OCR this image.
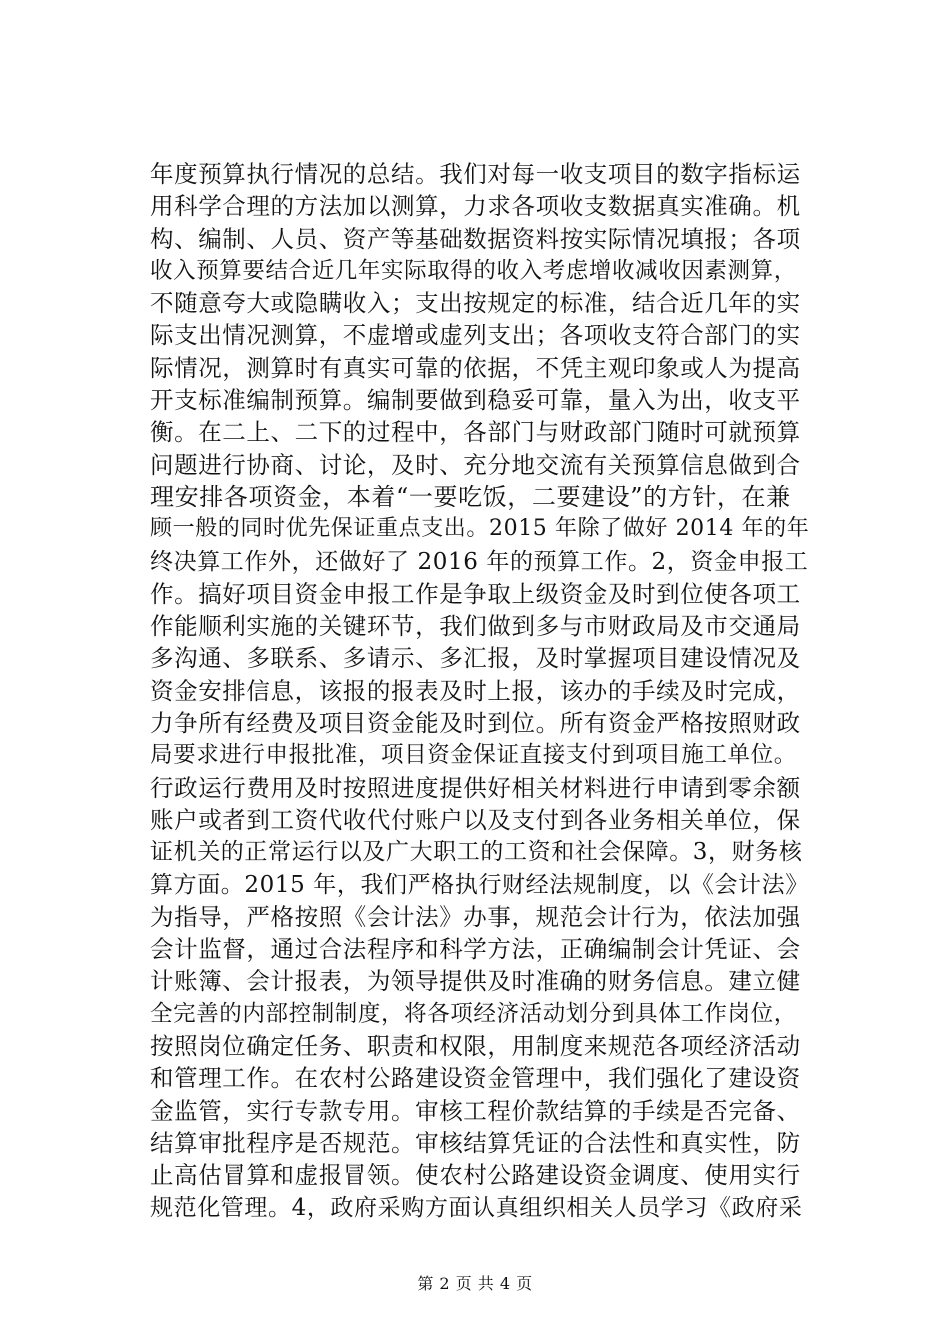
年度预算执行情况的总结。我们对每一收支项目的数字指标运
用科学合理的方法加以测算，力求各项收支数据真实准确。机
构、编制、人员、资产等基础数据资料按实际情况填报；各项
收入预算要结合近几年实际取得的收入考虑增收减收因素测算，
不随意夸大或隐瞒收入；支出按规定的标准，结合近几年的实
际支出情况测算，不虚增或虚列支出；各项收支符合部门的实
际情况，测算时有真实可靠的依据，不凭主观印象或人为提高
开支标准编制预算。编制要做到稳妥可靠，量入为出，收支平
衡。在二上、二下的过程中，各部门与财政部门随时可就预算
问题进行协商、讨论，及时、充分地交流有关预算信息做到合
理安排各项资金，本着“一要吃饭，二要建设”的方针，在兼
顾一般的同时优先保证重点支出。2015 年除了做好 2014 年的年
终决算工作外，还做好了 2016 年的预算工作。2，资金申报工
作。搞好项目资金申报工作是争取上级资金及时到位使各项工
作能顺利实施的关键环节，我们做到多与市财政局及市交通局
多沟通、多联系、多请示、多汇报，及时掌握项目建设情况及
资金安排信息，该报的报表及时上报，该办的手续及时完成，
力争所有经费及项目资金能及时到位。所有资金严格按照财政
局要求进行申报批准，项目资金保证直接支付到项目施工单位。
行政运行费用及时按照进度提供好相关材料进行申请到零余额
账户或者到工资代收代付账户以及支付到各业务相关单位，保
证机关的正常运行以及广大职工的工资和社会保障。3，财务核
算方面。2015 年，我们严格执行财经法规制度，以《会计法》
为指导，严格按照《会计法》办事，规范会计行为，依法加强
会计监督，通过合法程序和科学方法，正确编制会计凭证、会
计账簿、会计报表，为领导提供及时准确的财务信息。建立健
全完善的内部控制制度，将各项经济活动划分到具体工作岗位，
按照岗位确定任务、职责和权限，用制度来规范各项经济活动
和管理工作。在农村公路建设资金管理中，我们强化了建设资
金监管，实行专款专用。审核工程价款结算的手续是否完备、
结算审批程序是否规范。审核结算凭证的合法性和真实性，防
止高估冒算和虚报冒领。使农村公路建设资金调度、使用实行
规范化管理。4，政府采购方面认真组织相关人员学习《政府采
第 2 页 共 4 页
